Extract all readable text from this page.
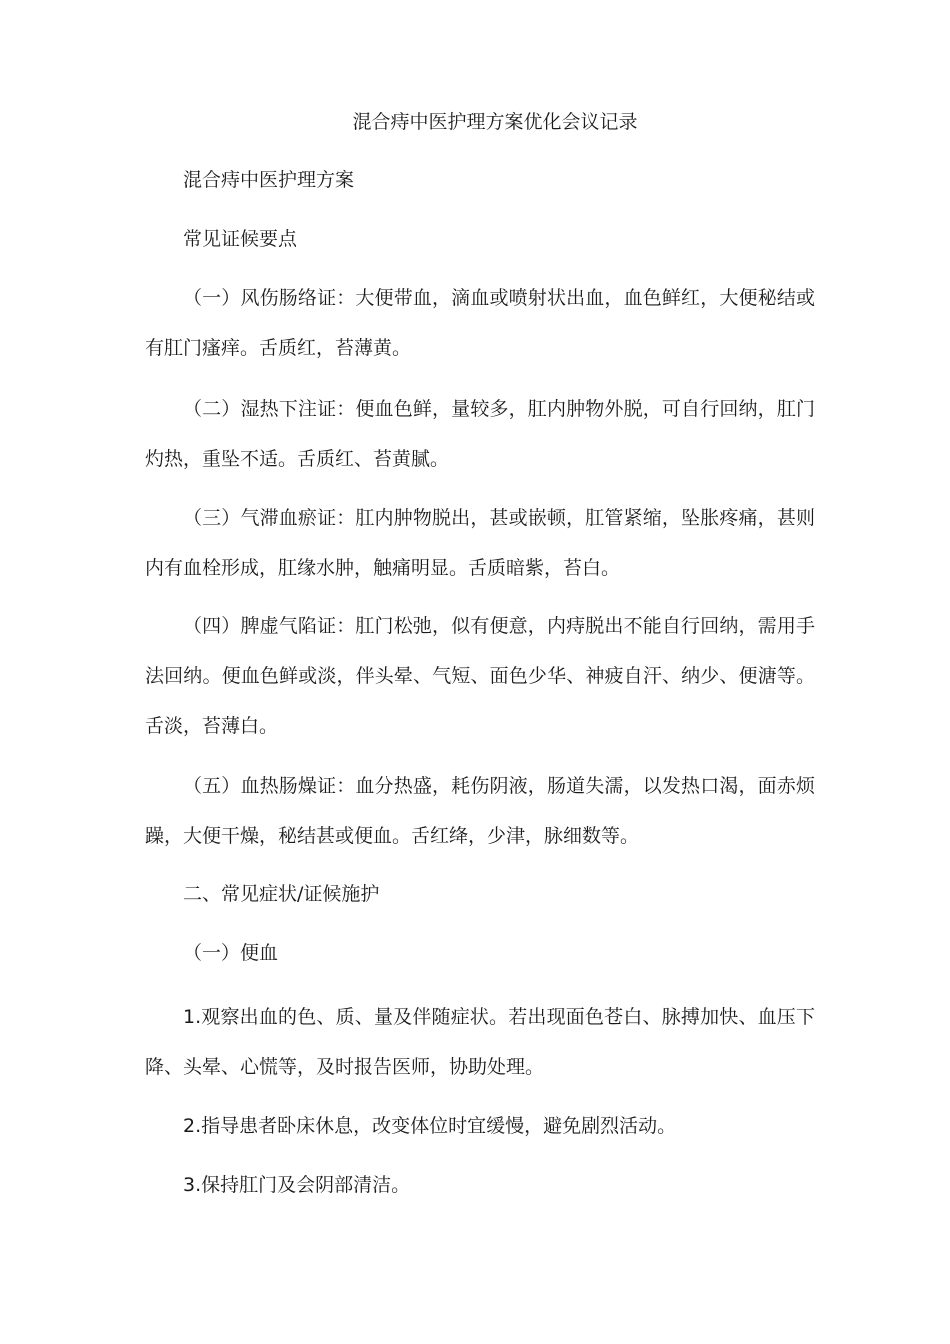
混合痔中医护理方案优化会议记录

混合痔中医护理方案

常见证候要点

（一）风伤肠络证：大便带血，滴血或喷射状出血，血色鲜红，大便秘结或有肛门瘙痒。舌质红，苔薄黄。

（二）湿热下注证：便血色鲜，量较多，肛内肿物外脱，可自行回纳，肛门灼热，重坠不适。舌质红、苔黄腻。

（三）气滞血瘀证：肛内肿物脱出，甚或嵌顿，肛管紧缩，坠胀疼痛，甚则内有血栓形成，肛缘水肿，触痛明显。舌质暗紫，苔白。

（四）脾虚气陷证：肛门松弛，似有便意，内痔脱出不能自行回纳，需用手法回纳。便血色鲜或淡，伴头晕、气短、面色少华、神疲自汗、纳少、便溏等。舌淡，苔薄白。

（五）血热肠燥证：血分热盛，耗伤阴液，肠道失濡，以发热口渴，面赤烦躁，大便干燥，秘结甚或便血。舌红绛，少津，脉细数等。

二、常见症状/证候施护

（一）便血

1.观察出血的色、质、量及伴随症状。若出现面色苍白、脉搏加快、血压下降、头晕、心慌等，及时报告医师，协助处理。

2.指导患者卧床休息，改变体位时宜缓慢，避免剧烈活动。

3.保持肛门及会阴部清洁。
